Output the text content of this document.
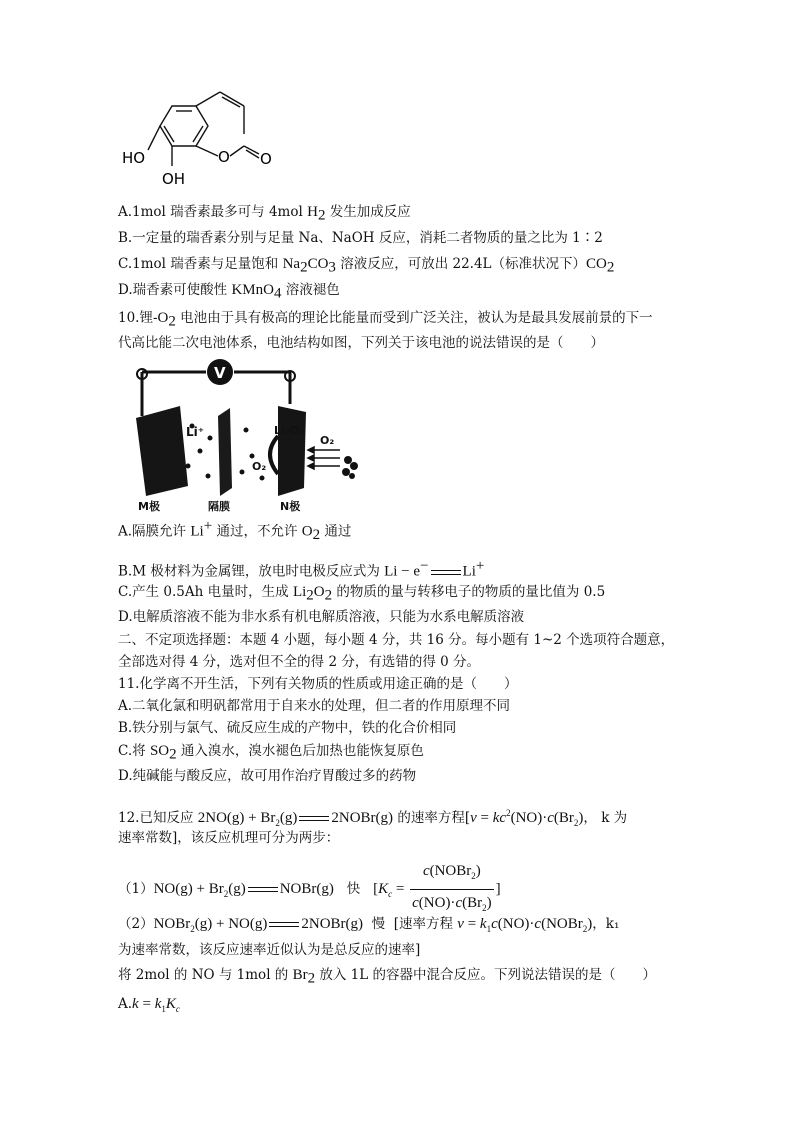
HO
OH
O O
A.1mol 瑞香素最多可与 4mol $H_2$ 发生加成反应
B.一定量的瑞香素分别与足量 Na、NaOH 反应，消耗二者物质的量之比为 1∶2
C.1mol 瑞香素与足量饱和 $Na_2CO_3$ 溶液反应，可放出 22.4L（标准状况下）$CO_2$
D.瑞香素可使酸性 KMnO$_4$ 溶液褪色
10.锂$-O_2$ 电池由于具有极高的理论比能量而受到广泛关注，被认为是最具发展前景的下一
代高比能二次电池体系，电池结构如图，下列关于该电池的说法错误的是（　　）
V
Li⁺	Li₂O₂
O₂
O₂
M极	隔膜	N极
A.隔膜允许 Li+ 通过，不允许 $O_2$ 通过
B.M 极材料为金属锂，放电时电极反应式为 Li − e− Li+
C.产生 0.5Ah 电量时，生成 $Li_2O_2$ 的物质的量与转移电子的物质的量比值为 0.5
D.电解质溶液不能为非水系有机电解质溶液，只能为水系电解质溶液
二、不定项选择题：本题 4 小题，每小题 4 分，共 16 分。每小题有 1~2 个选项符合题意，
全部选对得 4 分，选对但不全的得 2 分，有选错的得 0 分。
11.化学离不开生活，下列有关物质的性质或用途正确的是（　　）
A.二氧化氯和明矾都常用于自来水的处理，但二者的作用原理不同
B.铁分别与氯气、硫反应生成的产物中，铁的化合价相同
C.将 $SO_2$ 通入溴水，溴水褪色后加热也能恢复原色
D.纯碱能与酸反应，故可用作治疗胃酸过多的药物
12.已知反应 $2NO(g) + Br_2(g)$ 2NOBr(g) 的速率方程[$v = kc^2(NO)\cdot c(Br_2)$， k 为
速率常数]，该反应机理可分为两步：
$(1)NO(g) + Br_2(g)$ NOBr(g) 快 [$K_c = \frac{c(NOBr_2)}{c(NO)\cdot c(Br_2)}$ ]
（2）NOBr$_2$(g) + NO(g) 2NOBr(g) 慢 [速率方程 $v = k_1c(NO)\cdot c(NOBr_2)$，k₁
为速率常数，该反应速率近似认为是总反应的速率]
将 2mol 的 NO 与 1mol 的 $Br_2$ 放入 1L 的容器中混合反应。下列说法错误的是（　　）
$A.k = k_1K_c$
